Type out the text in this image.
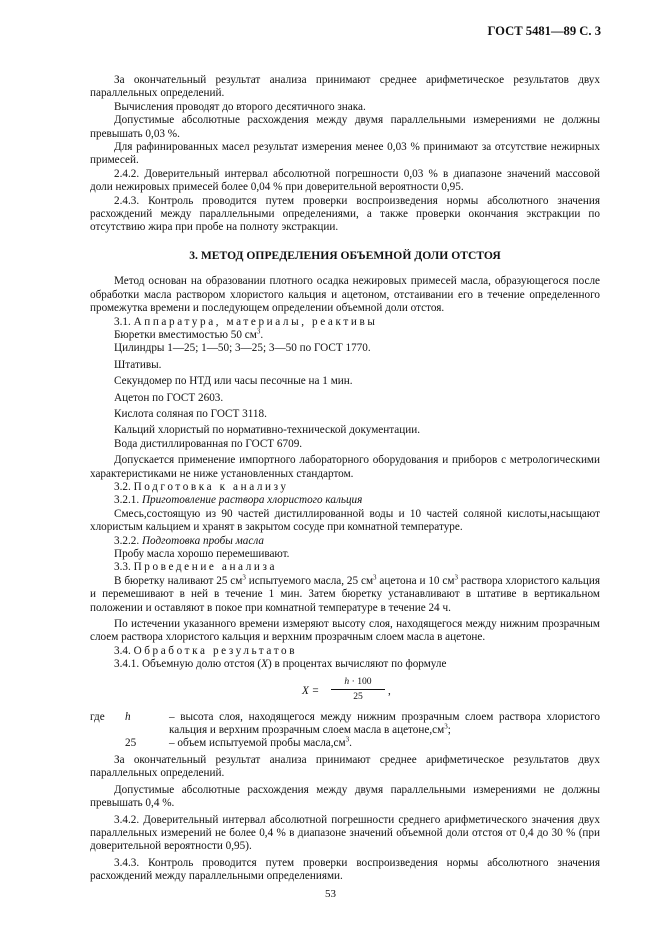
ГОСТ 5481—89 С. 3

За окончательный результат анализа принимают среднее арифметическое результатов двух параллельных определений.

Вычисления проводят до второго десятичного знака.

Допустимые абсолютные расхождения между двумя параллельными измерениями не должны превышать 0,03 %.

Для рафинированных масел результат измерения менее 0,03 % принимают за отсутствие нежирных примесей.

2.4.2. Доверительный интервал абсолютной погрешности 0,03 % в диапазоне значений массовой доли нежировых примесей более 0,04 % при доверительной вероятности 0,95.

2.4.3. Контроль проводится путем проверки воспроизведения нормы абсолютного значения расхождений между параллельными определениями, а также проверки окончания экстракции по отсутствию жира при пробе на полноту экстракции.

3. МЕТОД ОПРЕДЕЛЕНИЯ ОБЪЕМНОЙ ДОЛИ ОТСТОЯ

Метод основан на образовании плотного осадка нежировых примесей масла, образующегося после обработки масла раствором хлористого кальция и ацетоном, отстаивании его в течение определенного промежутка времени и последующем определении объемной доли отстоя.

3.1. Аппаратура, материалы, реактивы

Бюретки вместимостью 50 $см^3$.

Цилиндры 1—25; 1—50; 3—25; 3—50 по ГОСТ 1770.

Штативы.

Секундомер по НТД или часы песочные на 1 мин.

Ацетон по ГОСТ 2603.

Кислота соляная по ГОСТ 3118.

Кальций хлористый по нормативно-технической документации.

Вода дистиллированная по ГОСТ 6709.

Допускается применение импортного лабораторного оборудования и приборов с метрологическими характеристиками не ниже установленных стандартом.

3.2. Подготовка к анализу

3.2.1. Приготовление раствора хлористого кальция

Смесь,состоящую из 90 частей дистиллированной воды и 10 частей соляной кислоты,насыщают хлористым кальцием и хранят в закрытом сосуде при комнатной температуре.

3.2.2. Подготовка пробы масла

Пробу масла хорошо перемешивают.

3.3. Проведение анализа

В бюретку наливают 25 $см^3$ испытуемого масла, 25 $см^3$ ацетона и 10 $см^3$ раствора хлористого кальция и перемешивают в ней в течение 1 мин. Затем бюретку устанавливают в штативе в вертикальном положении и оставляют в покое при комнатной температуре в течение 24 ч.

По истечении указанного времени измеряют высоту слоя, находящегося между нижним прозрачным слоем раствора хлористого кальция и верхним прозрачным слоем масла в ацетоне.

3.4. Обработка результатов

3.4.1. Объемную долю отстоя (X) в процентах вычисляют по формуле

$X = \frac{h \cdot 100}{25}$ ,
где	h	– высота слоя, находящегося между нижним прозрачным слоем раствора хлористого кальция и верхним прозрачным слоем масла в $ацетоне,см^3$;
25	– объем испытуемой пробы $масла,см^3$.

За окончательный результат анализа принимают среднее арифметическое результатов двух параллельных определений.

Допустимые абсолютные расхождения между двумя параллельными измерениями не должны превышать 0,4 %.

3.4.2. Доверительный интервал абсолютной погрешности среднего арифметического значения двух параллельных измерений не более 0,4 % в диапазоне значений объемной доли отстоя от 0,4 до 30 % (при доверительной вероятности 0,95).

3.4.3. Контроль проводится путем проверки воспроизведения нормы абсолютного значения расхождений между параллельными определениями.

53
